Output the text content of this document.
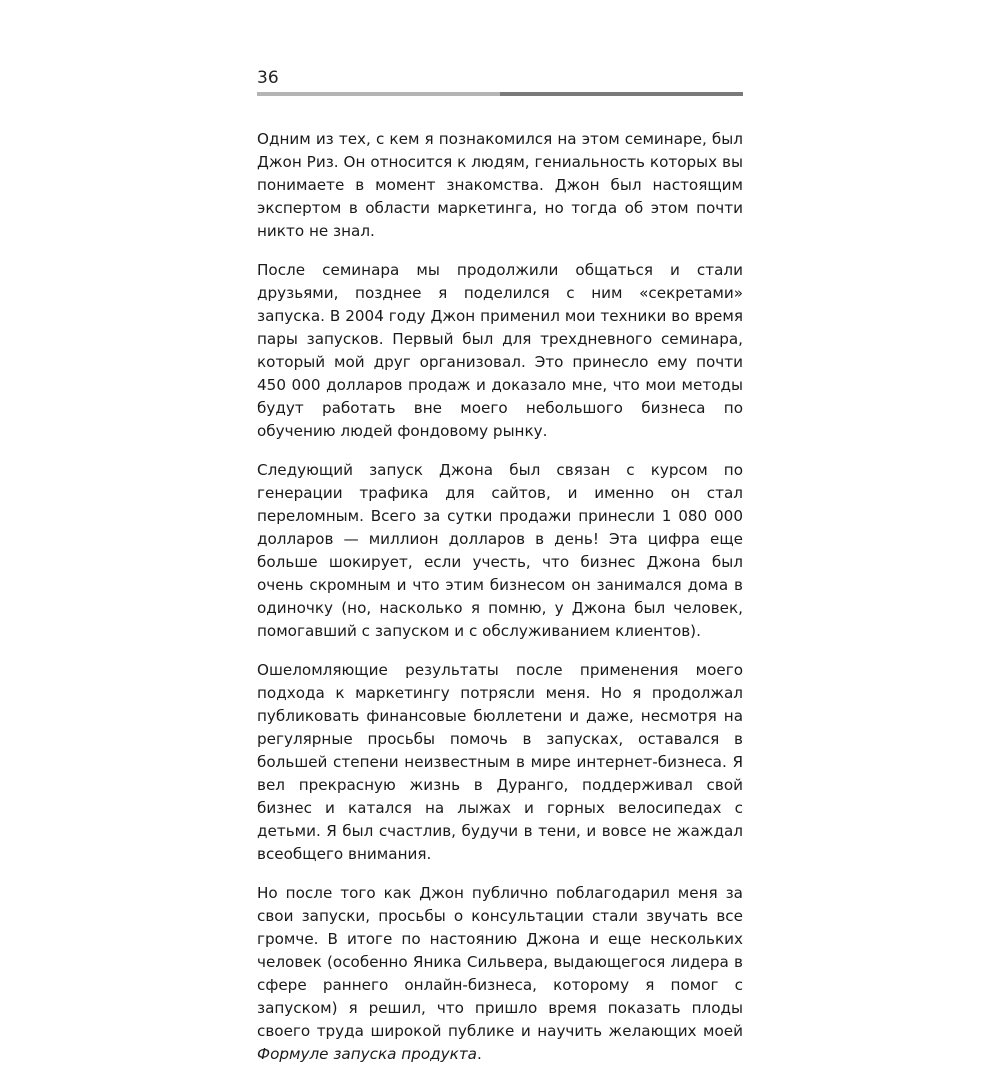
36

Одним из тех, с кем я познакомился на этом семинаре, был Джон Риз. Он относится к людям, гениальность которых вы понимаете в момент знакомства. Джон был настоящим экспертом в области маркетинга, но тогда об этом почти никто не знал.

После семинара мы продолжили общаться и стали друзьями, позднее я поделился с ним «секретами» запуска. В 2004 году Джон применил мои техники во время пары запусков. Первый был для трехдневного семинара, который мой друг организовал. Это принесло ему почти 450 000 долларов продаж и доказало мне, что мои методы будут работать вне моего небольшого бизнеса по обучению людей фондовому рынку.

Следующий запуск Джона был связан с курсом по генерации трафика для сайтов, и именно он стал переломным. Всего за сутки продажи принесли 1 080 000 долларов — миллион долларов в день! Эта цифра еще больше шокирует, если учесть, что бизнес Джона был очень скромным и что этим бизнесом он занимался дома в одиночку (но, насколько я помню, у Джона был человек, помогавший с запуском и с обслуживанием клиентов).

Ошеломляющие результаты после применения моего подхода к маркетингу потрясли меня. Но я продолжал публиковать финансовые бюллетени и даже, несмотря на регулярные просьбы помочь в запусках, оставался в большей степени неизвестным в мире интернет-бизнеса. Я вел прекрасную жизнь в Дуранго, поддерживал свой бизнес и катался на лыжах и горных велосипедах с детьми. Я был счастлив, будучи в тени, и вовсе не жаждал всеобщего внимания.

Но после того как Джон публично поблагодарил меня за свои запуски, просьбы о консультации стали звучать все громче. В итоге по настоянию Джона и еще нескольких человек (особенно Яника Сильвера, выдающегося лидера в сфере раннего онлайн-бизнеса, которому я помог с запуском) я решил, что пришло время показать плоды своего труда широкой публике и научить желающих моей Формуле запуска продукта.
